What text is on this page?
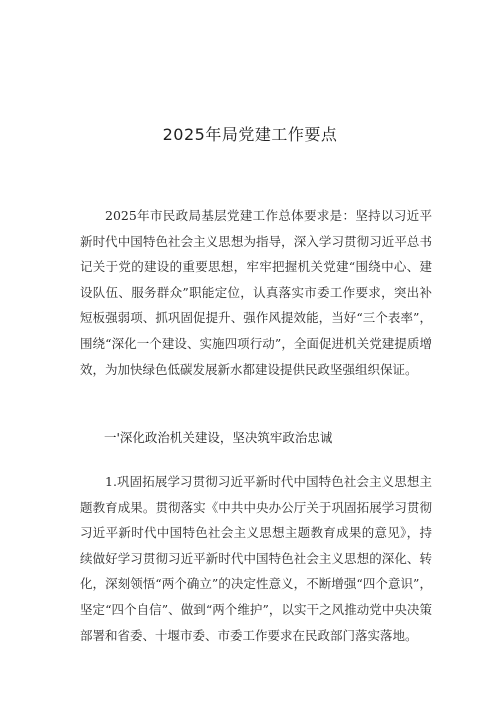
2025年局党建工作要点

2025年市民政局基层党建工作总体要求是：坚持以习近平新时代中国特色社会主义思想为指导，深入学习贯彻习近平总书记关于党的建设的重要思想，牢牢把握机关党建“围绕中心、建设队伍、服务群众”职能定位，认真落实市委工作要求，突出补短板强弱项、抓巩固促提升、强作风提效能，当好“三个表率”，围绕“深化一个建设、实施四项行动”，全面促进机关党建提质增效，为加快绿色低碳发展新水都建设提供民政坚强组织保证。

一'深化政治机关建设，坚决筑牢政治忠诚

1.巩固拓展学习贯彻习近平新时代中国特色社会主义思想主题教育成果。贯彻落实《中共中央办公厅关于巩固拓展学习贯彻习近平新时代中国特色社会主义思想主题教育成果的意见》，持续做好学习贯彻习近平新时代中国特色社会主义思想的深化、转化，深刻领悟“两个确立”的决定性意义，不断增强“四个意识”，坚定“四个自信”、做到“两个维护”，以实干之风推动党中央决策部署和省委、十堰市委、市委工作要求在民政部门落实落地。
